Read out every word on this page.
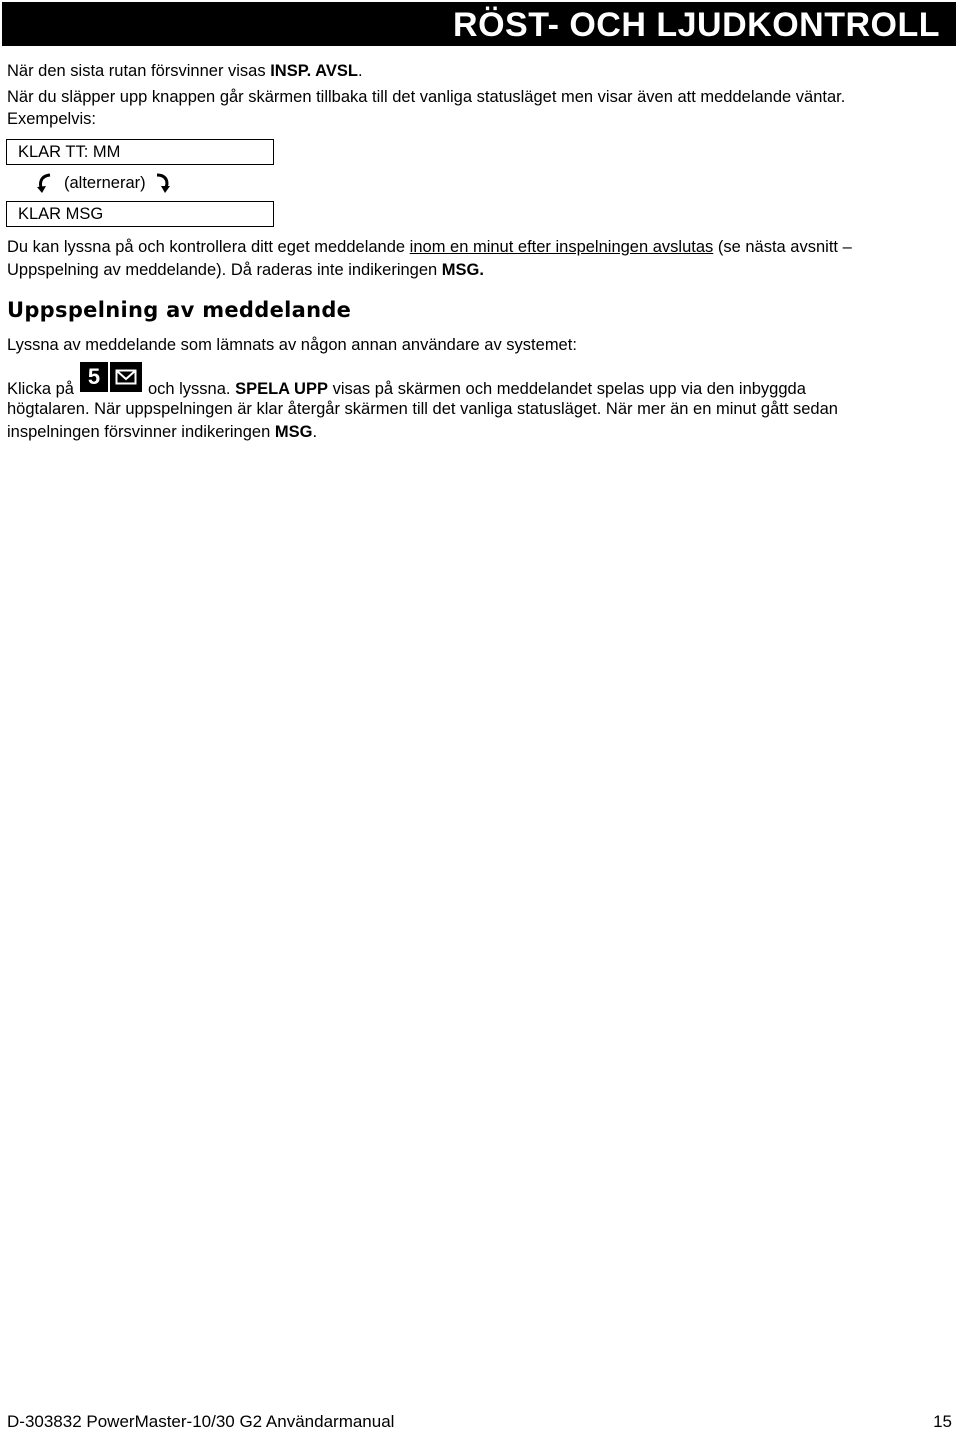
RÖST- OCH LJUDKONTROLL
När den sista rutan försvinner visas INSP. AVSL.
När du släpper upp knappen går skärmen tillbaka till det vanliga statusläget men visar även att meddelande väntar.
Exempelvis:
KLAR TT: MM
(alternerar)
KLAR MSG
Du kan lyssna på och kontrollera ditt eget meddelande inom en minut efter inspelningen avslutas (se nästa avsnitt –
Uppspelning av meddelande). Då raderas inte indikeringen MSG.
Uppspelning av meddelande
Lyssna av meddelande som lämnats av någon annan användare av systemet:
Klicka på 5	och lyssna. SPELA UPP visas på skärmen och meddelandet spelas upp via den inbyggda
högtalaren. När uppspelningen är klar återgår skärmen till det vanliga statusläget. När mer än en minut gått sedan
inspelningen försvinner indikeringen MSG.
D-303832 PowerMaster-10/30 G2 Användarmanual	15
